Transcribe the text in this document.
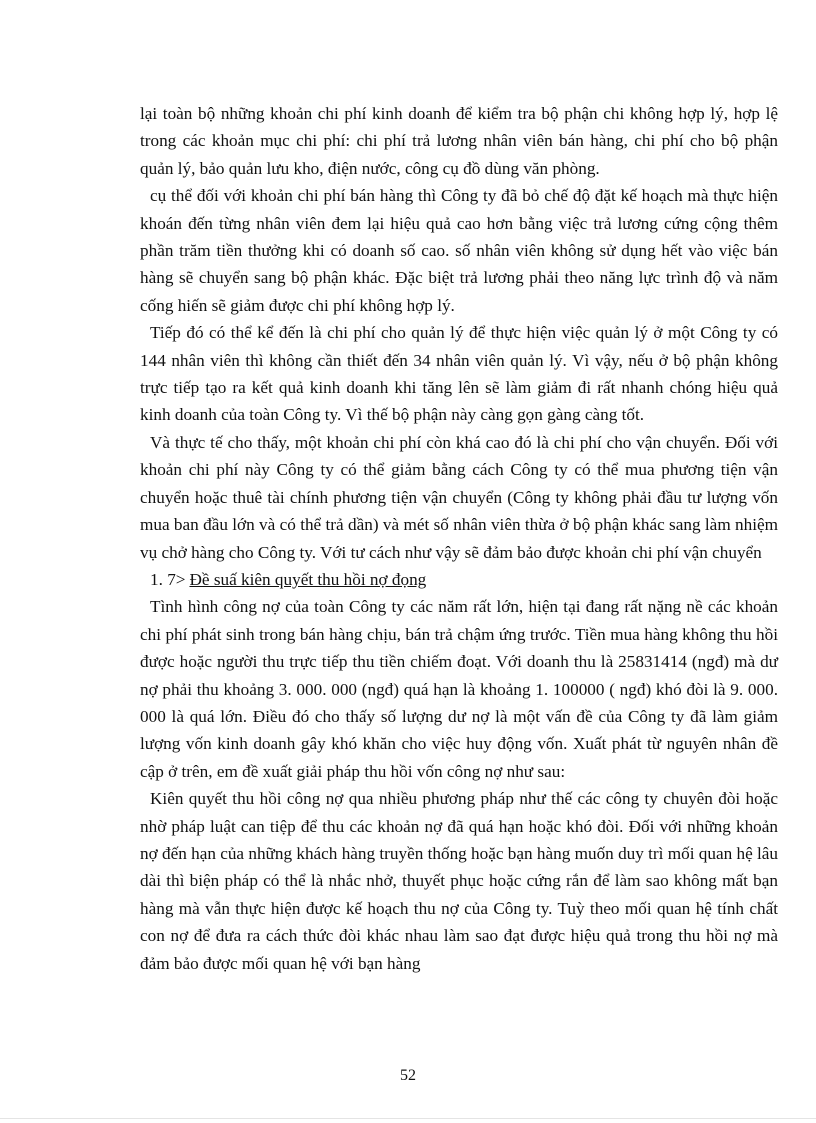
lại toàn bộ những khoản chi phí kinh doanh để kiểm tra bộ phận chi không hợp lý, hợp lệ trong các khoản mục chi phí: chi phí trả lương nhân viên bán hàng, chi phí cho bộ phận quản lý, bảo quản lưu kho, điện nước, công cụ đồ dùng văn phòng.

cụ thể đối với khoản chi phí bán hàng thì Công ty đã bỏ chế độ đặt kế hoạch mà thực hiện khoán đến từng nhân viên đem lại hiệu quả cao hơn bằng việc trả lương cứng cộng thêm phần trăm tiền thưởng khi có doanh số cao. số nhân viên không sử dụng hết vào việc bán hàng sẽ chuyển sang bộ phận khác. Đặc biệt trả lương phải theo năng lực trình độ và năm cống hiến sẽ giảm được chi phí không hợp lý.

Tiếp đó có thể kể đến là chi phí cho quản lý để thực hiện việc quản lý ở một Công ty có 144 nhân viên thì không cần thiết đến 34 nhân viên quản lý. Vì vậy, nếu ở bộ phận không trực tiếp tạo ra kết quả kinh doanh khi tăng lên sẽ làm giảm đi rất nhanh chóng hiệu quả kinh doanh của toàn Công ty. Vì thế bộ phận này càng gọn gàng càng tốt.

Và thực tế cho thấy, một khoản chi phí còn khá cao đó là chi phí cho vận chuyển. Đối với khoản chi phí này Công ty có thể giảm bằng cách Công ty có thể mua phương tiện vận chuyển hoặc thuê tài chính phương tiện vận chuyển (Công ty không phải đầu tư lượng vốn mua ban đầu lớn và có thể trả dần) và mét số nhân viên thừa ở bộ phận khác sang làm nhiệm vụ chở hàng cho Công ty. Với tư cách như vậy sẽ đảm bảo được khoản chi phí vận chuyển

1. 7> Đề suấ kiên quyết thu hồi nợ đọng

Tình hình công nợ của toàn Công ty các năm rất lớn, hiện tại đang rất nặng nề các khoản chi phí phát sinh trong bán hàng chịu, bán trả chậm ứng trước. Tiền mua hàng không thu hồi được hoặc người thu trực tiếp thu tiền chiếm đoạt. Với doanh thu là 25831414 (ngđ) mà dư nợ phải thu khoảng 3. 000. 000 (ngđ) quá hạn là khoảng 1. 100000 ( ngđ) khó đòi là 9. 000. 000 là quá lớn. Điều đó cho thấy số lượng dư nợ là một vấn đề của Công ty đã làm giảm lượng vốn kinh doanh gây khó khăn cho việc huy động vốn. Xuất phát từ nguyên nhân đề cập ở trên, em đề xuất giải pháp thu hồi vốn công nợ như sau:

Kiên quyết thu hồi công nợ qua nhiều phương pháp như thế các công ty chuyên đòi hoặc nhờ pháp luật can tiệp để thu các khoản nợ đã quá hạn hoặc khó đòi. Đối với những khoản nợ đến hạn của những khách hàng truyền thống hoặc bạn hàng muốn duy trì mối quan hệ lâu dài thì biện pháp có thể là nhắc nhở, thuyết phục hoặc cứng rắn để làm sao không mất bạn hàng mà vẫn thực hiện được kế hoạch thu nợ của Công ty. Tuỳ theo mối quan hệ tính chất con nợ để đưa ra cách thức đòi khác nhau làm sao đạt được hiệu quả trong thu hồi nợ mà đảm bảo được mối quan hệ với bạn hàng

52
